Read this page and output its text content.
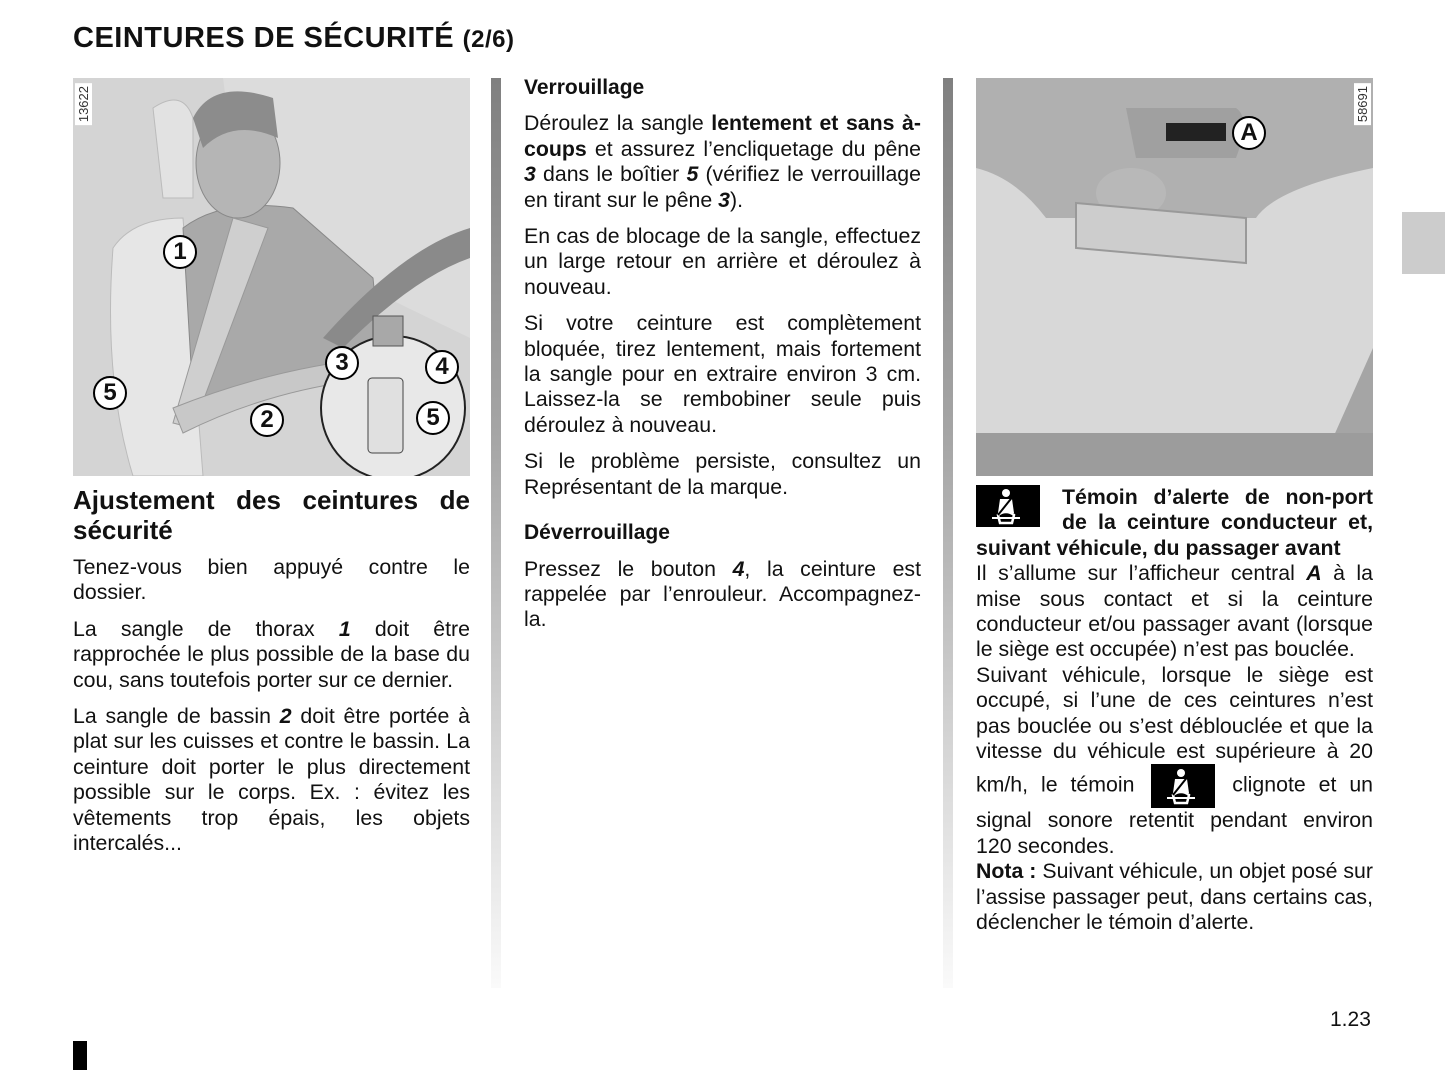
CEINTURES DE SÉCURITÉ (2/6)
13622
1
2
3	4
5
5
Ajustement des ceintures de sécurité

Tenez-vous bien appuyé contre le dossier.

La sangle de thorax 1 doit être rapprochée le plus possible de la base du cou, sans toutefois porter sur ce dernier.

La sangle de bassin 2 doit être portée à plat sur les cuisses et contre le bassin. La ceinture doit porter le plus directement possible sur le corps. Ex. : évitez les vêtements trop épais, les objets intercalés...

Verrouillage

Déroulez la sangle lentement et sans à-coups et assurez l’encliquetage du pêne 3 dans le boîtier 5 (vérifiez le verrouillage en tirant sur le pêne 3).

En cas de blocage de la sangle, effectuez un large retour en arrière et déroulez à nouveau.

Si votre ceinture est complètement bloquée, tirez lentement, mais fortement la sangle pour en extraire environ 3 cm. Laissez-la se rembobiner seule puis déroulez à nouveau.

Si le problème persiste, consultez un Représentant de la marque.

Déverrouillage

Pressez le bouton 4, la ceinture est rappelée par l’enrouleur. Accompagnez-la.

58691
A
Témoin d’alerte de non-port de la ceinture conducteur et, suivant véhicule, du passager avant
Il s’allume sur l’afficheur central A à la mise sous contact et si la ceinture conducteur et/ou passager avant (lorsque le siège est occupée) n’est pas bouclée.
Suivant véhicule, lorsque le siège est occupé, si l’une de ces ceintures n’est pas bouclée ou s’est déblouclée et que la vitesse du véhicule est supérieure à 20 km/h, le témoin	clignote et un signal sonore retentit pendant environ 120 secondes.
Nota : Suivant véhicule, un objet posé sur l’assise passager peut, dans certains cas, déclencher le témoin d’alerte.
1.23
